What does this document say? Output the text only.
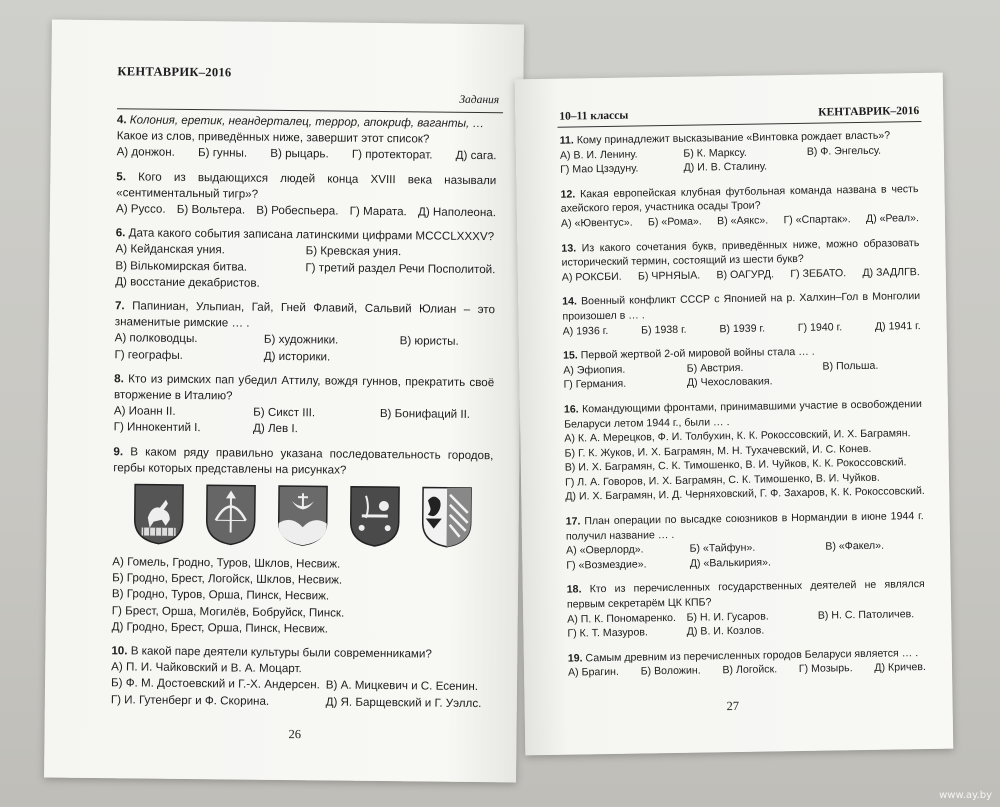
КЕНТАВРИК–2016
Задания
4. Колония, еретик, неандерталец, террор, апокриф, ваганты, …
Какое из слов, приведённых ниже, завершит этот список?
А) донжон. Б) гунны. В) рыцарь. Г) протекторат. Д) сага.
5. Кого из выдающихся людей конца XVIII века называли «сентиментальный тигр»?
А) Руссо. Б) Вольтера. В) Робеспьера. Г) Марата. Д) Наполеона.
6. Дата какого события записана латинскими цифрами MCCCLXXXV?
А) Кейданская уния.	Б) Кревская уния.
В) Вількомирская битва.	Г) третий раздел Речи Посполитой.
Д) восстание декабристов.
7. Папиниан, Ульпиан, Гай, Гней Флавий, Сальвий Юлиан – это знаменитые римские … .
А) полководцы.	Б) художники.	В) юристы.
Г) географы.	Д) историки.
8. Кто из римских пап убедил Аттилу, вождя гуннов, прекратить своё вторжение в Италию?
А) Иоанн II.	Б) Сикст III.	В) Бонифаций II.
Г) Иннокентий I.	Д) Лев I.
9. В каком ряду правильно указана последовательность городов, гербы которых представлены на рисунках?
А) Гомель, Гродно, Туров, Шклов, Несвиж.
Б) Гродно, Брест, Логойск, Шклов, Несвиж.
В) Гродно, Туров, Орша, Пинск, Несвиж.
Г) Брест, Орша, Могилёв, Бобруйск, Пинск.
Д) Гродно, Брест, Орша, Пинск, Несвиж.
10. В какой паре деятели культуры были современниками?
А) П. И. Чайковский и В. А. Моцарт.
Б) Ф. М. Достоевский и Г.-Х. Андерсен. В) А. Мицкевич и С. Есенин.
Г) И. Гутенберг и Ф. Скорина.	Д) Я. Барщевский и Г. Уэллс.
26
10–11 классы	КЕНТАВРИК–2016
11. Кому принадлежит высказывание «Винтовка рождает власть»?
А) В. И. Ленину.	Б) К. Марксу.	В) Ф. Энгельсу.
Г) Мао Цзэдуну.	Д) И. В. Сталину.
12. Какая европейская клубная футбольная команда названа в честь ахейского героя, участника осады Трои?
А) «Ювентус». Б) «Рома». В) «Аякс». Г) «Спартак». Д) «Реал».
13. Из какого сочетания букв, приведённых ниже, можно образовать исторический термин, состоящий из шести букв?
А) РОКСБИ. Б) ЧРНЯЫА. В) ОАГУРД. Г) ЗЕБАТО. Д) ЗАДЛГВ.
14. Военный конфликт СССР с Японией на р. Халхин–Гол в Монголии произошел в … .
А) 1936 г.	Б) 1938 г.	В) 1939 г.	Г) 1940 г.	Д) 1941 г.
15. Первой жертвой 2-ой мировой войны стала … .
А) Эфиопия.	Б) Австрия.	В) Польша.
Г) Германия.	Д) Чехословакия.
16. Командующими фронтами, принимавшими участие в освобождении Беларуси летом 1944 г., были … .
А) К. А. Мерецков, Ф. И. Толбухин, К. К. Рокоссовский, И. Х. Баграмян.
Б) Г. К. Жуков, И. Х. Баграмян, М. Н. Тухачевский, И. С. Конев.
В) И. Х. Баграмян, С. К. Тимошенко, В. И. Чуйков, К. К. Рокоссовский.
Г) Л. А. Говоров, И. Х. Баграмян, С. К. Тимошенко, В. И. Чуйков.
Д) И. Х. Баграмян, И. Д. Черняховский, Г. Ф. Захаров, К. К. Рокоссовский.
17. План операции по высадке союзников в Нормандии в июне 1944 г. получил название … .
А) «Оверлорд».	Б) «Тайфун».	В) «Факел».
Г) «Возмездие».	Д) «Валькирия».
18. Кто из перечисленных государственных деятелей не являлся первым секретарём ЦК КПБ?
А) П. К. Пономаренко. Б) Н. И. Гусаров.	В) Н. С. Патоличев.
Г) К. Т. Мазуров.	Д) В. И. Козлов.
19. Самым древним из перечисленных городов Беларуси является … .
А) Брагин. Б) Воложин. В) Логойск. Г) Мозырь. Д) Кричев.
27
www.ay.by
